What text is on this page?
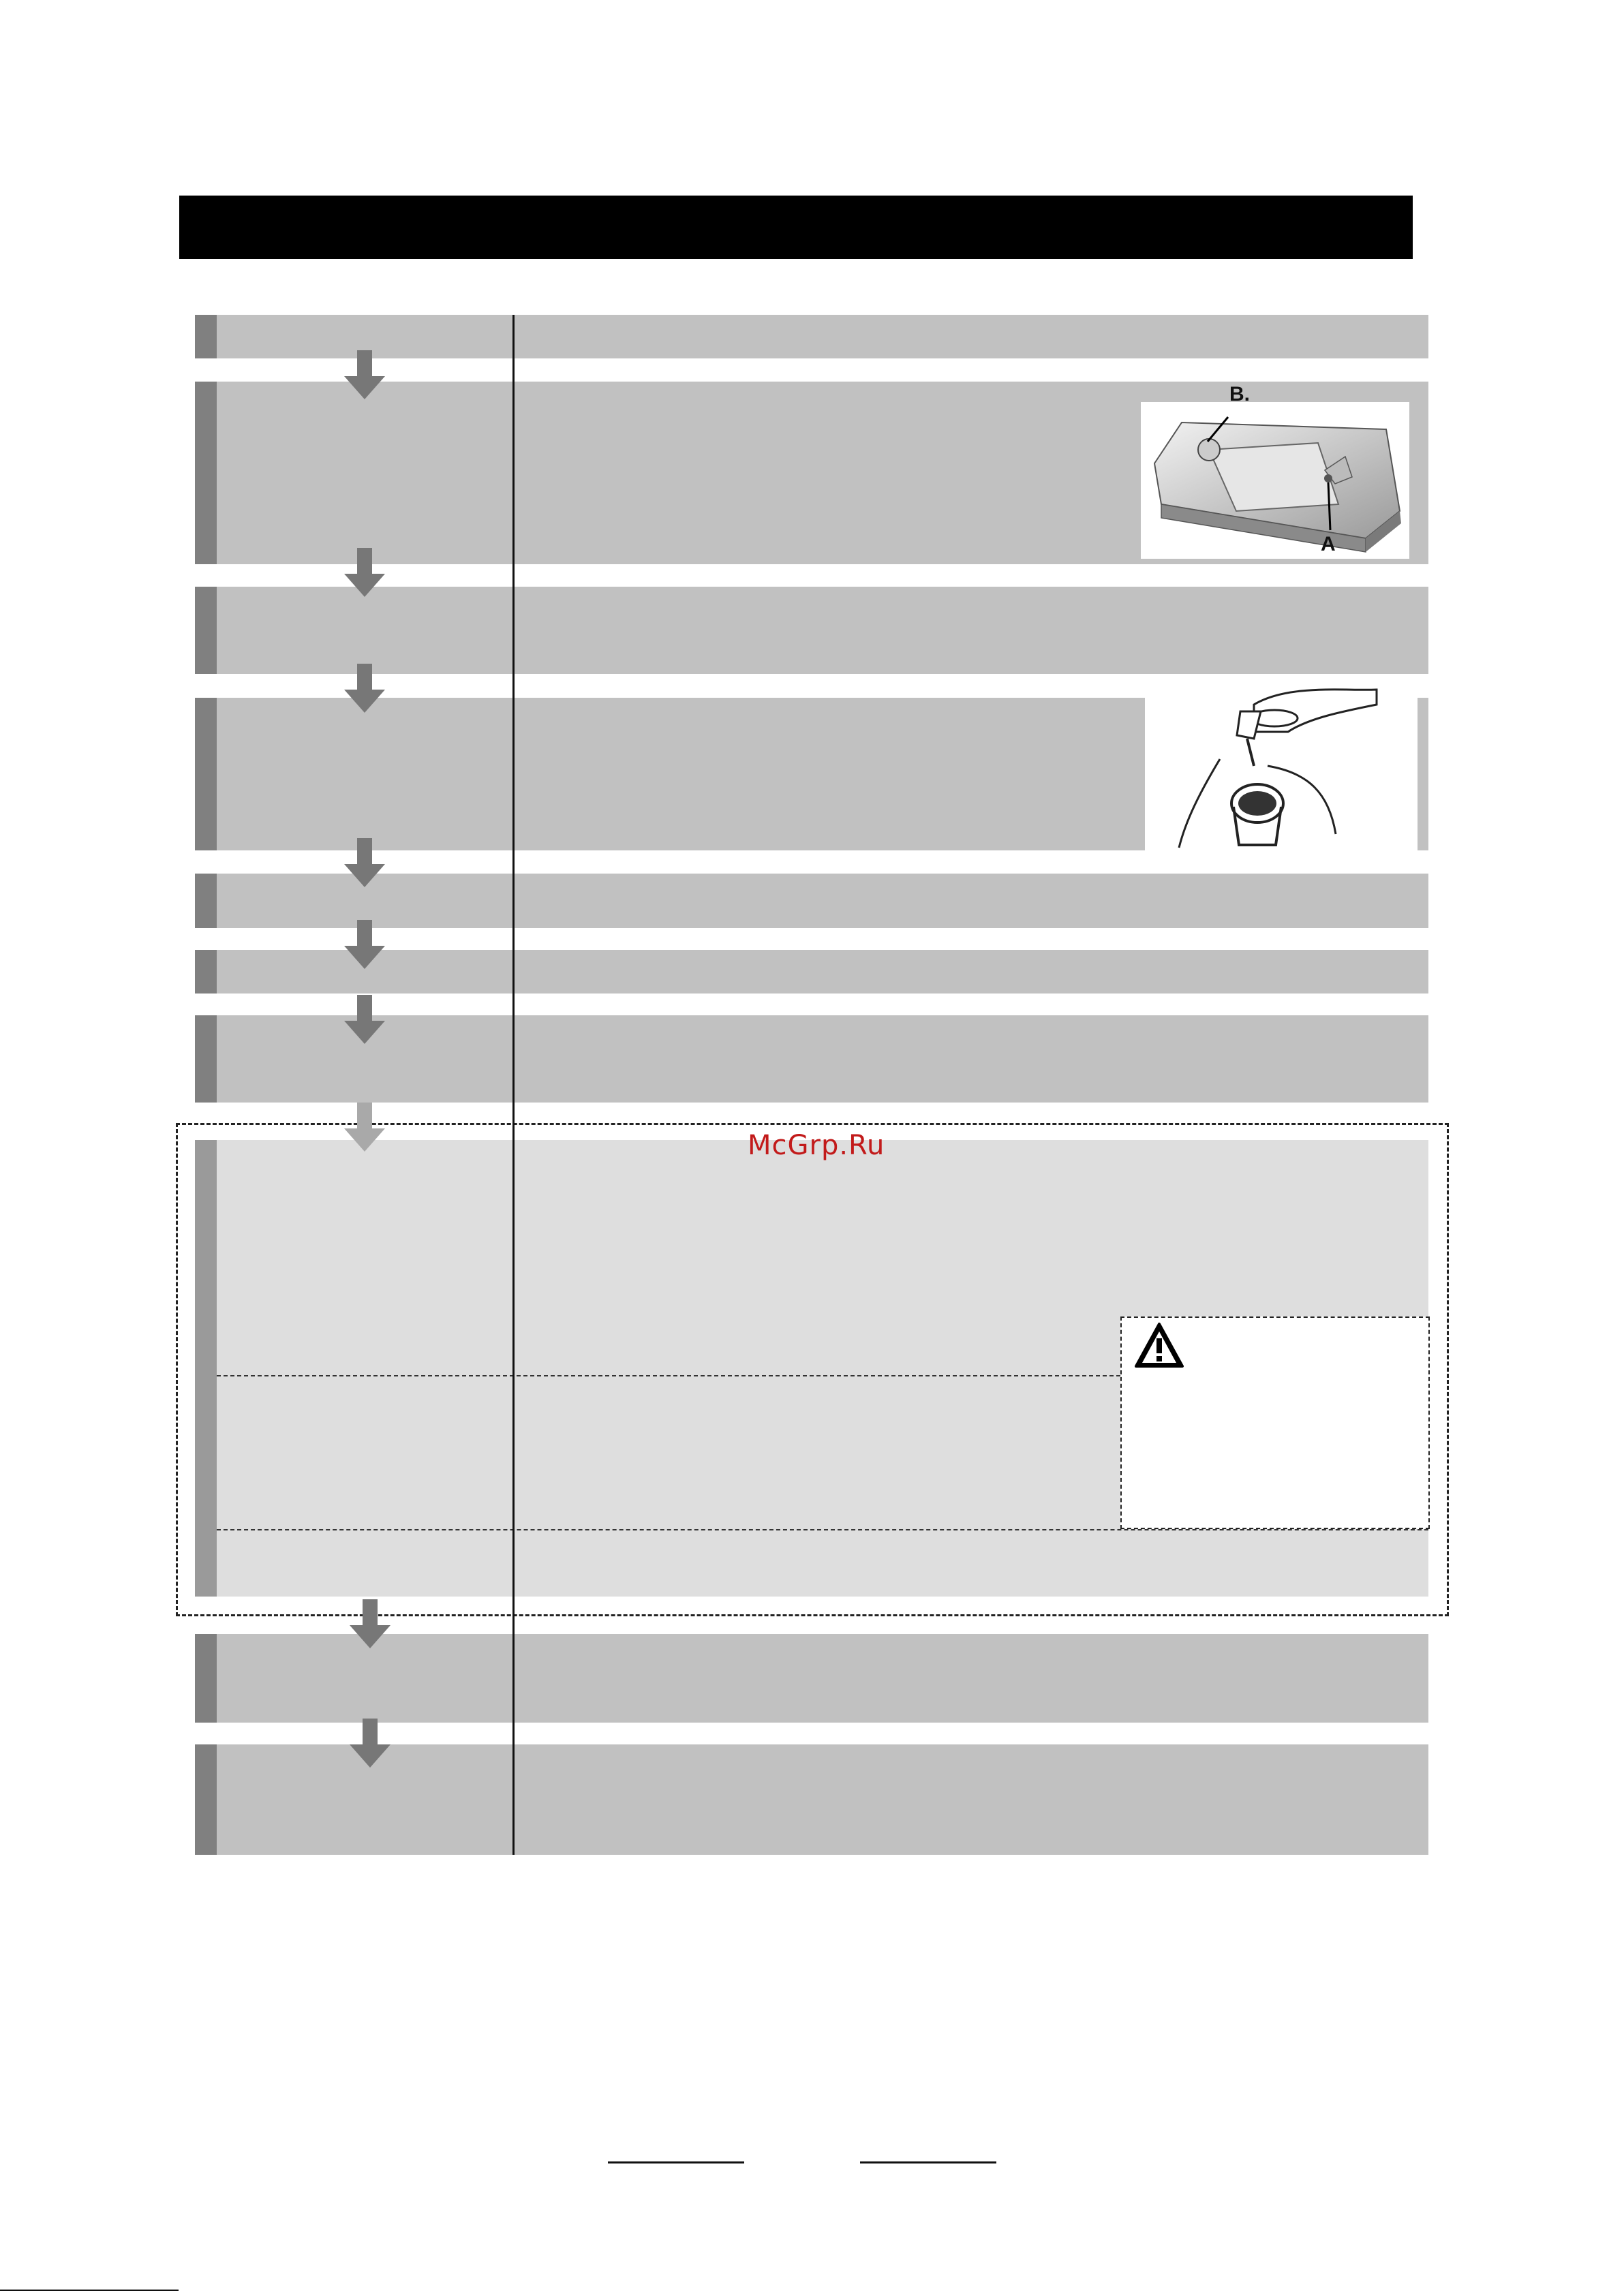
B.
A
McGrp.Ru
